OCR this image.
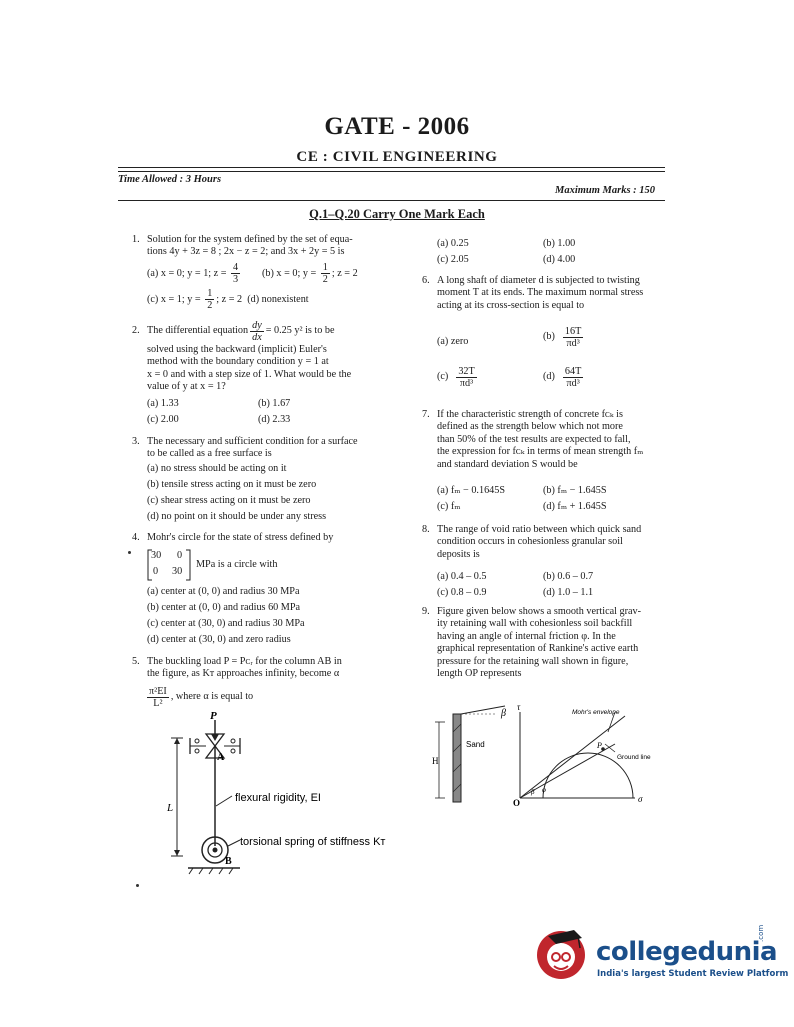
GATE - 2006
CE : CIVIL ENGINEERING
Time Allowed : 3 Hours
Maximum Marks : 150
Q.1–Q.20 Carry One Mark Each
1. Solution for the system defined by the set of equa-
tions 4y + 3z = 8 ; 2x − z = 2; and 3x + 2y = 5 is
(a) x = 0; y = 1; $z = \frac{4}{3} (b) x = 0$; $y = \frac{1}{2}$ ; z = 2
(c) x = 1; $y = \frac{1}{2}$ ; z = 2 (d) nonexistent
2. The differential equation $\frac{dy}{dx} = 0.25$ y² is to be
solved using the backward (implicit) Euler's
method with the boundary condition y = 1 at
x = 0 and with a step size of 1. What would be the
value of y at x = 1?
(a) 1.33	(b) 1.67
(c) 2.00	(d) 2.33
3. The necessary and sufficient condition for a surface
to be called as a free surface is
(a) no stress should be acting on it
(b) tensile stress acting on it must be zero
(c) shear stress acting on it must be zero
(d) no point on it should be under any stress
4. Mohr's circle for the state of stress defined by
30 0
0 30
MPa is a circle with
(a) center at (0, 0) and radius 30 MPa
(b) center at (0, 0) and radius 60 MPa
(c) center at (30, 0) and radius 30 MPa
(d) center at (30, 0) and zero radius
5. The buckling load P = Pᴄᵣ for the column AB in
the figure, as Kᴛ approaches infinity, become α
$\frac{\text{π²EI}}{\text{L²}}$ , where α is equal to
P
A
B
L
flexural rigidity, EI
torsional spring of stiffness Kᴛ
(a) 0.25	(b) 1.00
(c) 2.05	(d) 4.00
6. A long shaft of diameter d is subjected to twisting
moment T at its ends. The maximum normal stress
acting at its cross-section is equal to
(a) zero	$(b) \frac{16T}{\text{πd³}}$
$(c) \frac{32T}{\text{πd³}}$	$(d) \frac{64T}{\text{πd³}}$
7. If the characteristic strength of concrete fᴄₖ is
defined as the strength below which not more
than 50% of the test results are expected to fall,
the expression for fᴄₖ in terms of mean strength fₘ
and standard deviation S would be
(a) fₘ − 0.1645S	(b) fₘ − 1.645S
(c) fₘ	(d) fₘ + 1.645S
8. The range of void ratio between which quick sand
condition occurs in cohesionless granular soil
deposits is
(a) 0.4 – 0.5	(b) 0.6 – 0.7
(c) 0.8 – 0.9	(d) 1.0 – 1.1
9. Figure given below shows a smooth vertical grav-
ity retaining wall with cohesionless soil backfill
having an angle of internal friction φ. In the
graphical representation of Rankine's active earth
pressure for the retaining wall shown in figure,
length OP represents
β
Sand
H
τ
Mohr's envelope
Ground line
P
O	σ
β φ
collegedunia
.com
India's largest Student Review Platform
